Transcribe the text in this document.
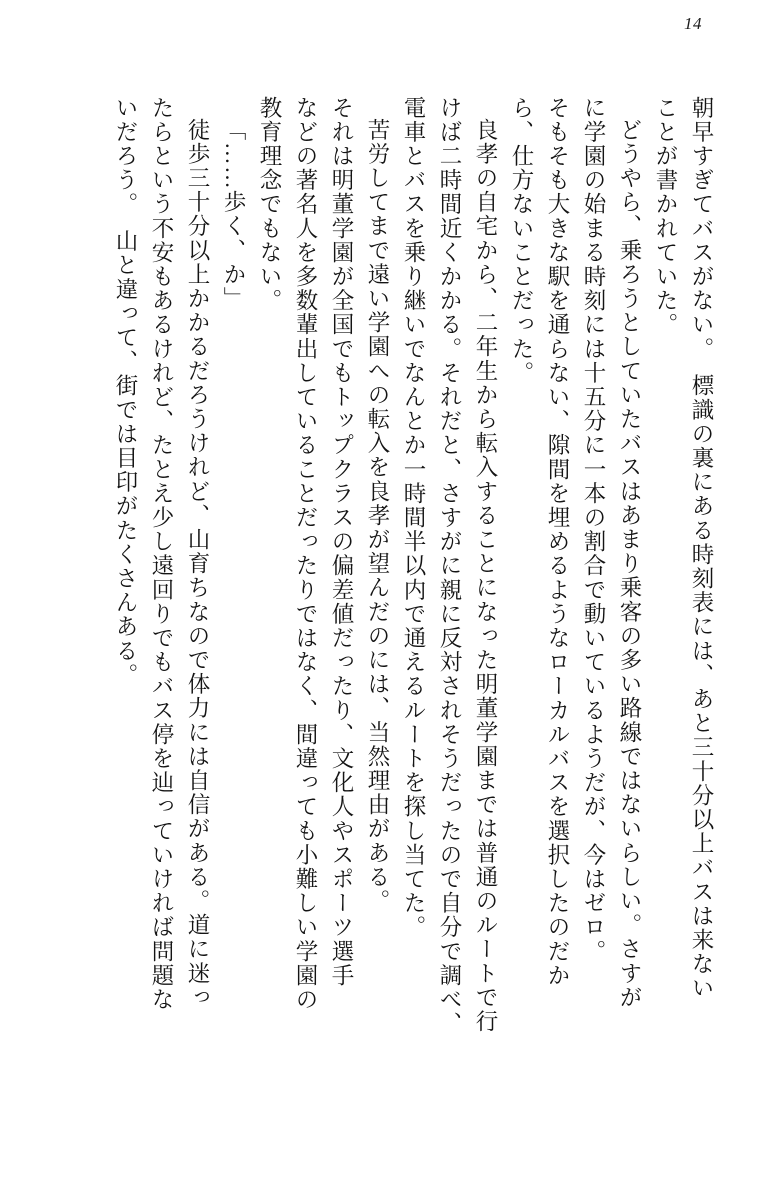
14
朝早すぎてバスがない。　標識の裏にある時刻表には、あと三十分以上バスは来ない
ことが書かれていた。
どうやら、乗ろうとしていたバスはあまり乗客の多い路線ではないらしい。さすが
に学園の始まる時刻には十五分に一本の割合で動いているようだが、今はゼロ。
そもそも大きな駅を通らない、隙間を埋めるようなローカルバスを選択したのだか
ら、仕方ないことだった。
良孝の自宅から、二年生から転入することになった明董学園までは普通のルートで行
けば二時間近くかかる。それだと、さすがに親に反対されそうだったので自分で調べ、
電車とバスを乗り継いでなんとか一時間半以内で通えるルートを探し当てた。
苦労してまで遠い学園への転入を良孝が望んだのには、当然理由がある。
それは明董学園が全国でもトップクラスの偏差値だったり、文化人やスポーツ選手
などの著名人を多数輩出していることだったりではなく、間違っても小難しい学園の
教育理念でもない。
「……歩く、か」
徒歩三十分以上かかるだろうけれど、山育ちなので体力には自信がある。道に迷っ
たらという不安もあるけれど、たとえ少し遠回りでもバス停を辿っていければ問題な
いだろう。　山と違って、街では目印がたくさんある。
